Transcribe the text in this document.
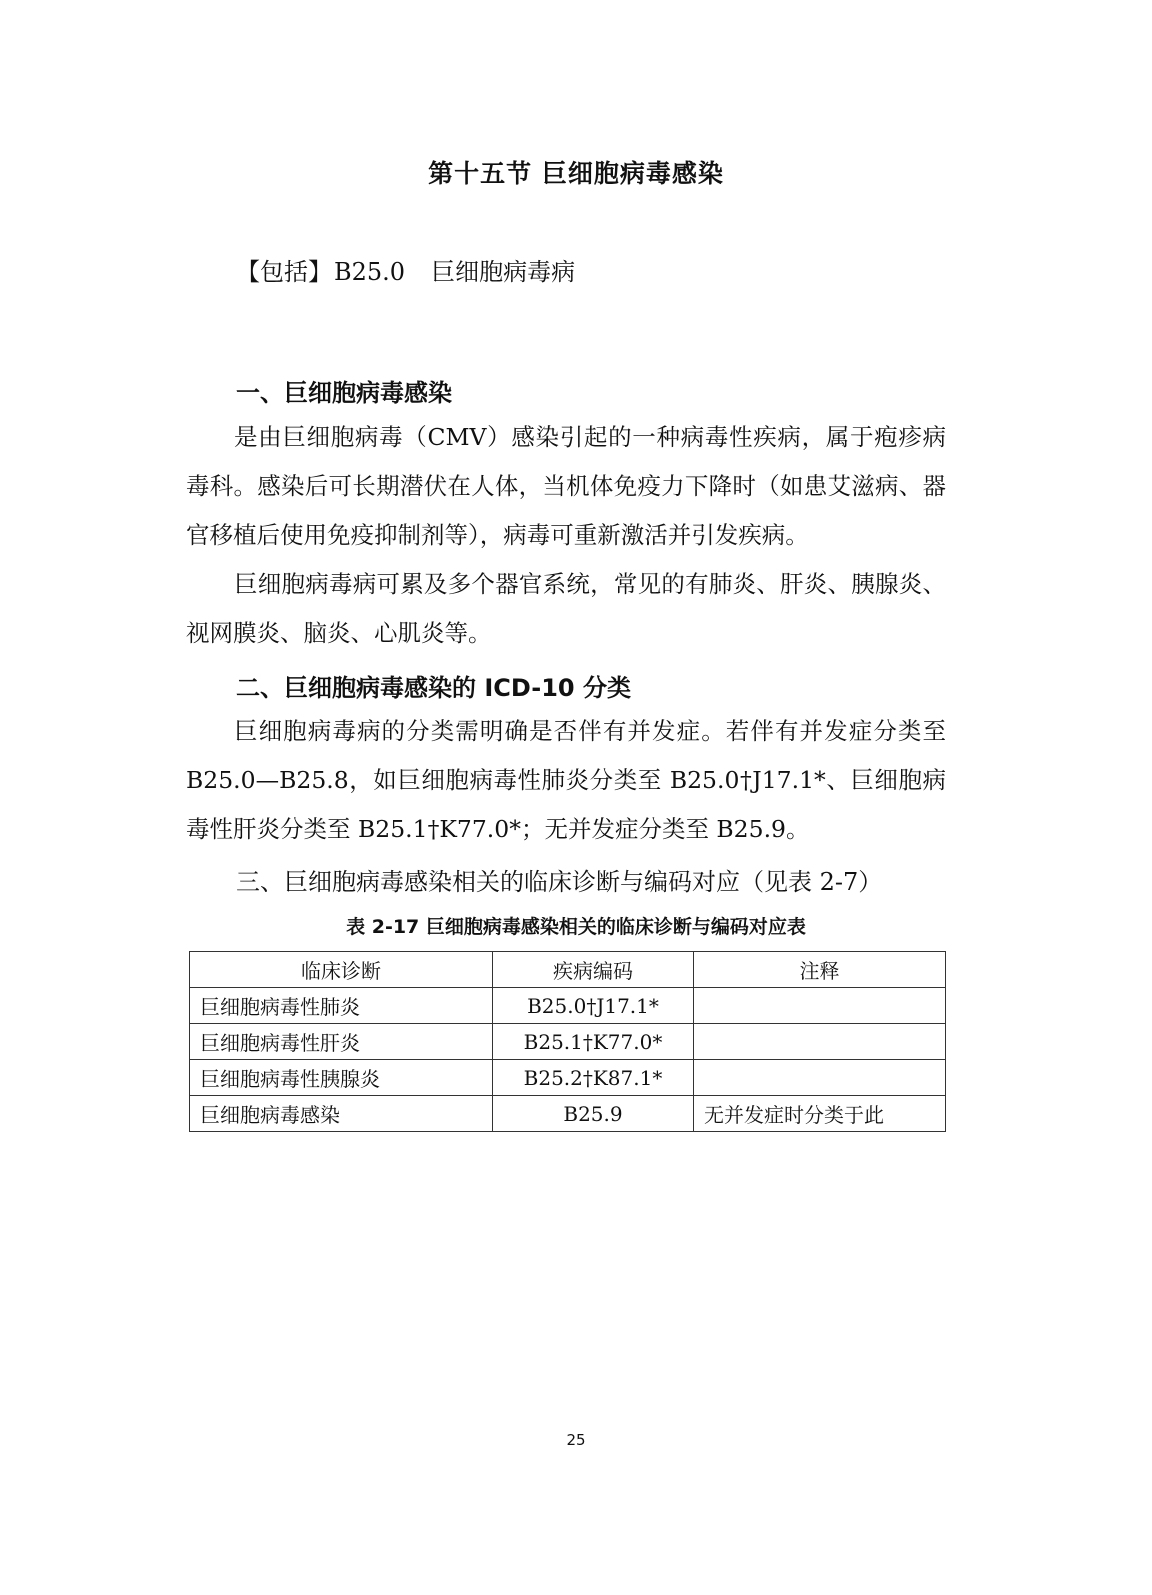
第十五节 巨细胞病毒感染
【包括】B25.0 巨细胞病毒病
一、巨细胞病毒感染

是由巨细胞病毒（CMV）感染引起的一种病毒性疾病，属于疱疹病毒科。感染后可长期潜伏在人体，当机体免疫力下降时（如患艾滋病、器官移植后使用免疫抑制剂等），病毒可重新激活并引发疾病。

巨细胞病毒病可累及多个器官系统，常见的有肺炎、肝炎、胰腺炎、视网膜炎、脑炎、心肌炎等。

二、巨细胞病毒感染的 ICD-10 分类

巨细胞病毒病的分类需明确是否伴有并发症。若伴有并发症分类至B25.0—B25.8，如巨细胞病毒性肺炎分类至 B25.0†J17.1*、巨细胞病毒性肝炎分类至 B25.1†K77.0*；无并发症分类至 B25.9。

三、巨细胞病毒感染相关的临床诊断与编码对应（见表 2-7）
表 2-17 巨细胞病毒感染相关的临床诊断与编码对应表
临床诊断	疾病编码	注释
巨细胞病毒性肺炎	B25.0†J17.1*	
巨细胞病毒性肝炎	B25.1†K77.0*	
巨细胞病毒性胰腺炎	B25.2†K87.1*	
巨细胞病毒感染	B25.9	无并发症时分类于此
25
